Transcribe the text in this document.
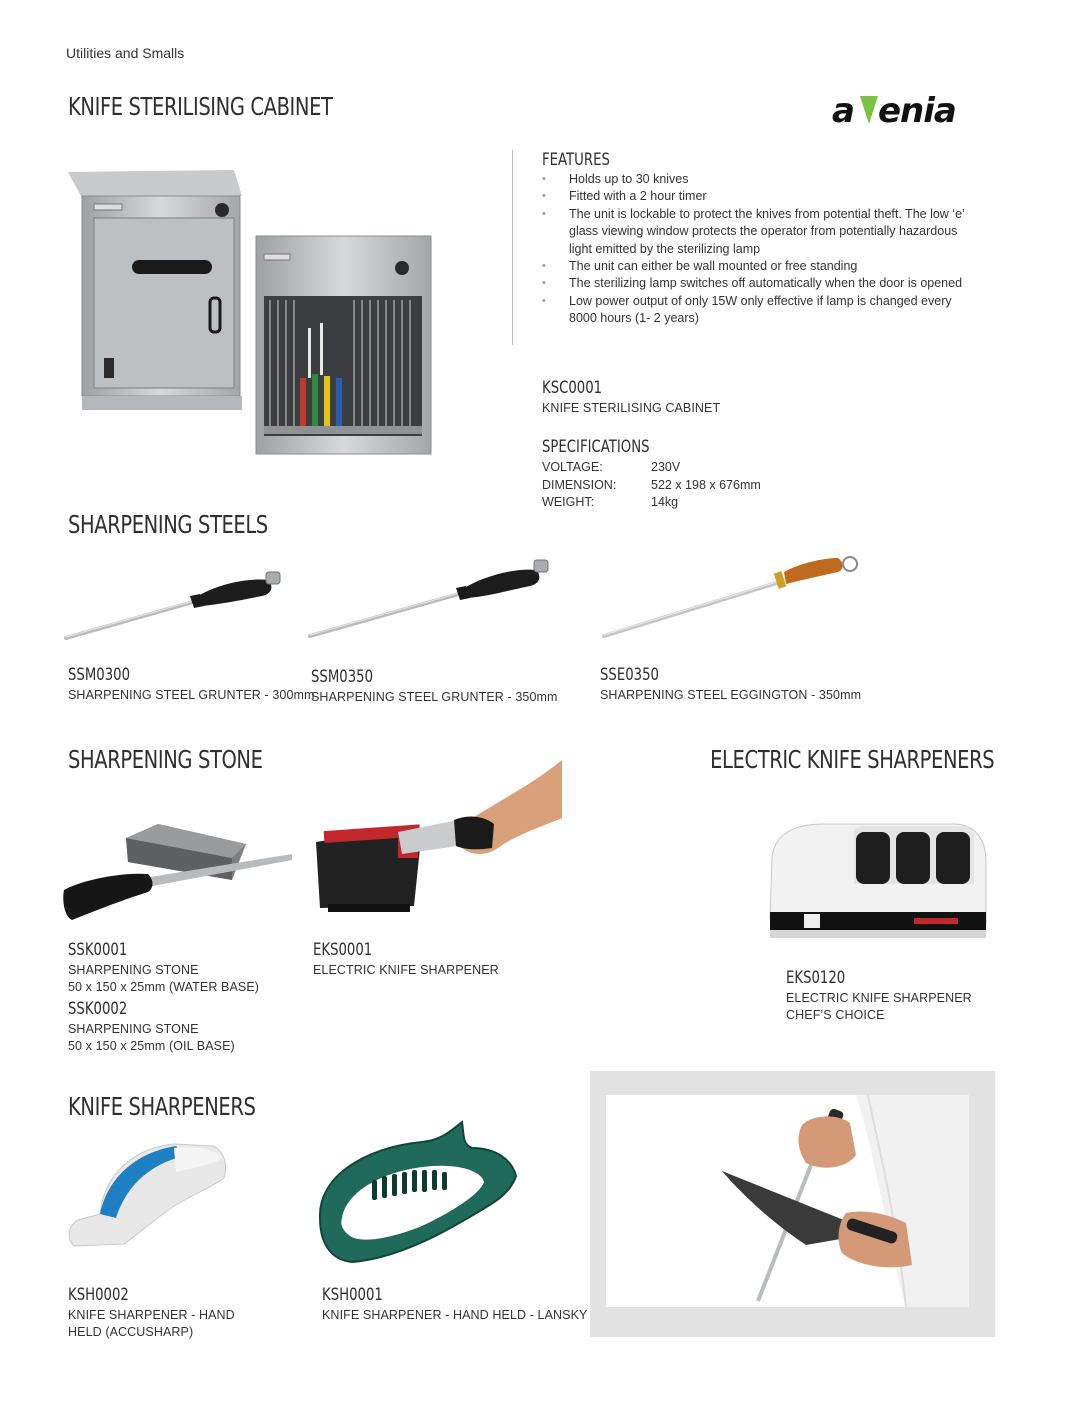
Utilities and Smalls
KNIFE STERILISING CABINET	a enia
FEATURES
• Holds up to 30 knives
• Fitted with a 2 hour timer
• The unit is lockable to protect the knives from potential theft. The low ‘e’ glass viewing window protects the operator from potentially hazardous light emitted by the sterilizing lamp
• The unit can either be wall mounted or free standing
• The sterilizing lamp switches off automatically when the door is opened
• Low power output of only 15W only effective if lamp is changed every 8000 hours (1- 2 years)
KSC0001
KNIFE STERILISING CABINET
SPECIFICATIONS
VOLTAGE:	230V
DIMENSION:	522 x 198 x 676mm
WEIGHT:	14kg
SHARPENING STEELS
SSM0300
SHARPENING STEEL GRUNTER - 300mm
SSM0350
SHARPENING STEEL GRUNTER - 350mm
SSE0350
SHARPENING STEEL EGGINGTON - 350mm
SHARPENING STONE	ELECTRIC KNIFE SHARPENERS
SSK0001
SHARPENING STONE
50 x 150 x 25mm (WATER BASE)
SSK0002
SHARPENING STONE
50 x 150 x 25mm (OIL BASE)
EKS0001
ELECTRIC KNIFE SHARPENER	EKS0120
ELECTRIC KNIFE SHARPENER
CHEF’S CHOICE
KNIFE SHARPENERS
KSH0002
KNIFE SHARPENER - HAND
HELD (ACCUSHARP)
KSH0001
KNIFE SHARPENER - HAND HELD - LANSKY
